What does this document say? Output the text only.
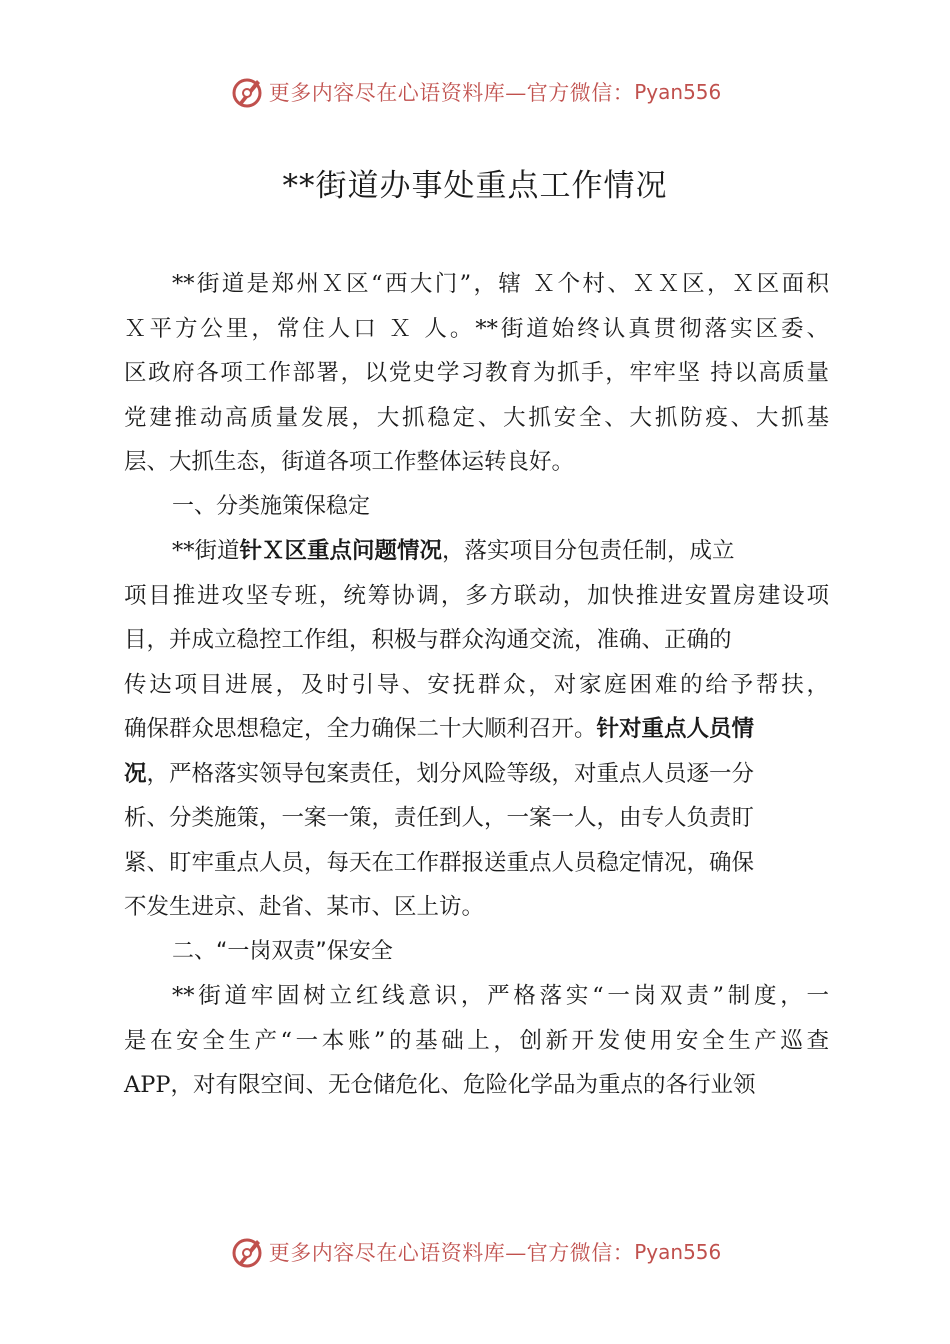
更多内容尽在心语资料库—官方微信： Pyan556
**街道办事处重点工作情况
**街道是郑州Ｘ区“西大门”，辖 Ｘ个村、ＸＸ区，Ｘ区面积
Ｘ平方公里，常住人口 Ｘ 人。**街道始终认真贯彻落实区委、
区政府各项工作部署，以党史学习教育为抓手，牢牢坚 持以高质量
党建推动高质量发展，大抓稳定、大抓安全、大抓防疫、大抓基
层、大抓生态，街道各项工作整体运转良好。
一、分类施策保稳定
**街道针Ｘ区重点问题情况，落实项目分包责任制，成立
项目推进攻坚专班，统筹协调，多方联动，加快推进安置房建设项
目，并成立稳控工作组，积极与群众沟通交流，准确、正确的
传达项目进展，及时引导、安抚群众，对家庭困难的给予帮扶，
确保群众思想稳定，全力确保二十大顺利召开。针对重点人员情
况，严格落实领导包案责任，划分风险等级，对重点人员逐一分
析、分类施策，一案一策，责任到人，一案一人，由专人负责盯
紧、盯牢重点人员，每天在工作群报送重点人员稳定情况，确保
不发生进京、赴省、某市、区上访。
二、“一岗双责”保安全
**街道牢固树立红线意识，严格落实“一岗双责”制度，一
是在安全生产“一本账”的基础上，创新开发使用安全生产巡查
APP，对有限空间、无仓储危化、危险化学品为重点的各行业领
更多内容尽在心语资料库—官方微信： Pyan556
